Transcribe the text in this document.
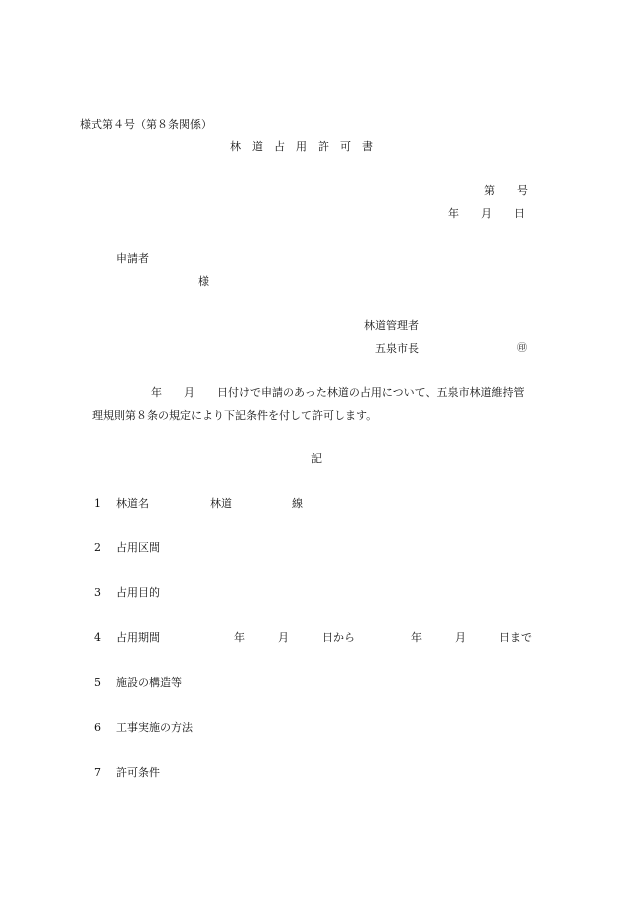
様式第４号（第８条関係）
林　道　占　用　許　可　書
第　　号
年　　月　　日
申請者
様
林道管理者
五泉市長	㊞
年　　月　　日付けで申請のあった林道の占用について、五泉市林道維持管
理規則第８条の規定により下記条件を付して許可します。
記
1 林道名	林道	線
2 占用区間
3 占用目的
4 占用期間	年　　　月　　　日から	年　　　月　　　日まで
5 施設の構造等
6 工事実施の方法
7 許可条件
